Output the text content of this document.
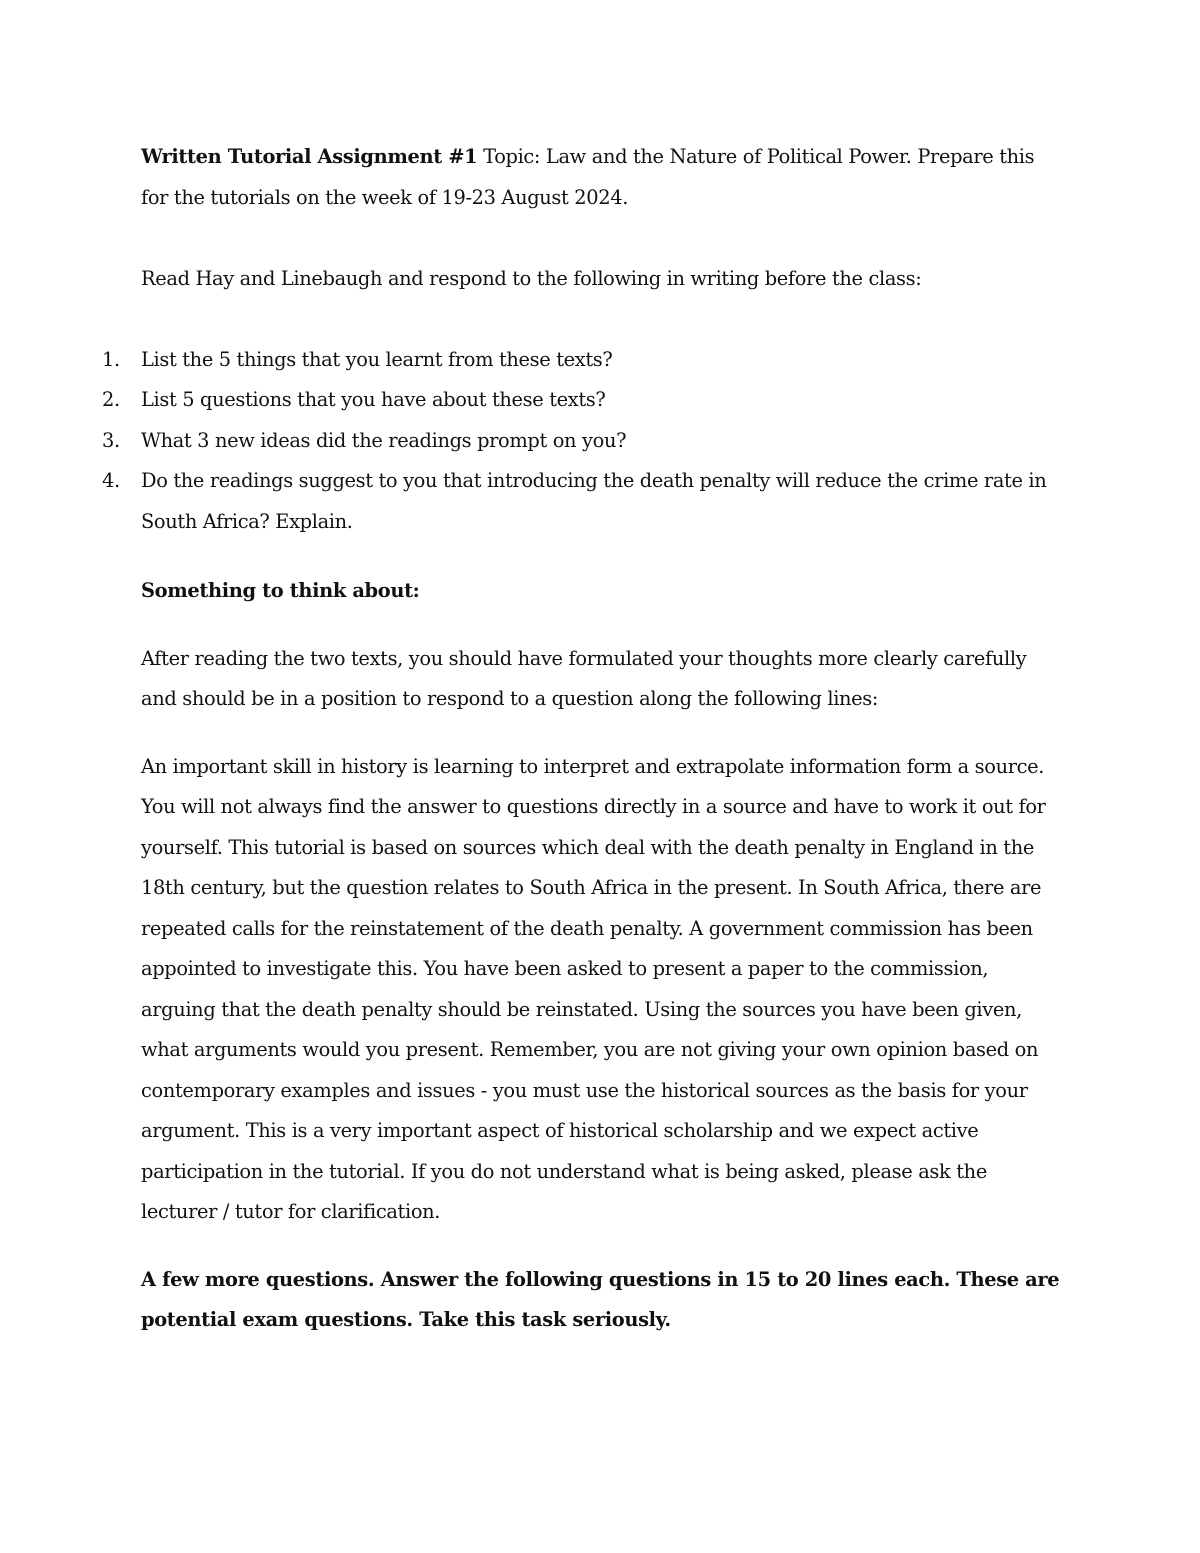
Written Tutorial Assignment #1 Topic: Law and the Nature of Political Power. Prepare this for the tutorials on the week of 19-23 August 2024.

Read Hay and Linebaugh and respond to the following in writing before the class:

1. List the 5 things that you learnt from these texts?
2. List 5 questions that you have about these texts?
3. What 3 new ideas did the readings prompt on you?
4. Do the readings suggest to you that introducing the death penalty will reduce the crime rate in South Africa? Explain.

Something to think about:

After reading the two texts, you should have formulated your thoughts more clearly carefully and should be in a position to respond to a question along the following lines:

An important skill in history is learning to interpret and extrapolate information form a source. You will not always find the answer to questions directly in a source and have to work it out for yourself. This tutorial is based on sources which deal with the death penalty in England in the 18th century, but the question relates to South Africa in the present. In South Africa, there are repeated calls for the reinstatement of the death penalty. A government commission has been appointed to investigate this. You have been asked to present a paper to the commission, arguing that the death penalty should be reinstated. Using the sources you have been given, what arguments would you present. Remember, you are not giving your own opinion based on contemporary examples and issues - you must use the historical sources as the basis for your argument. This is a very important aspect of historical scholarship and we expect active participation in the tutorial. If you do not understand what is being asked, please ask the lecturer / tutor for clarification.

A few more questions. Answer the following questions in 15 to 20 lines each. These are potential exam questions. Take this task seriously.
